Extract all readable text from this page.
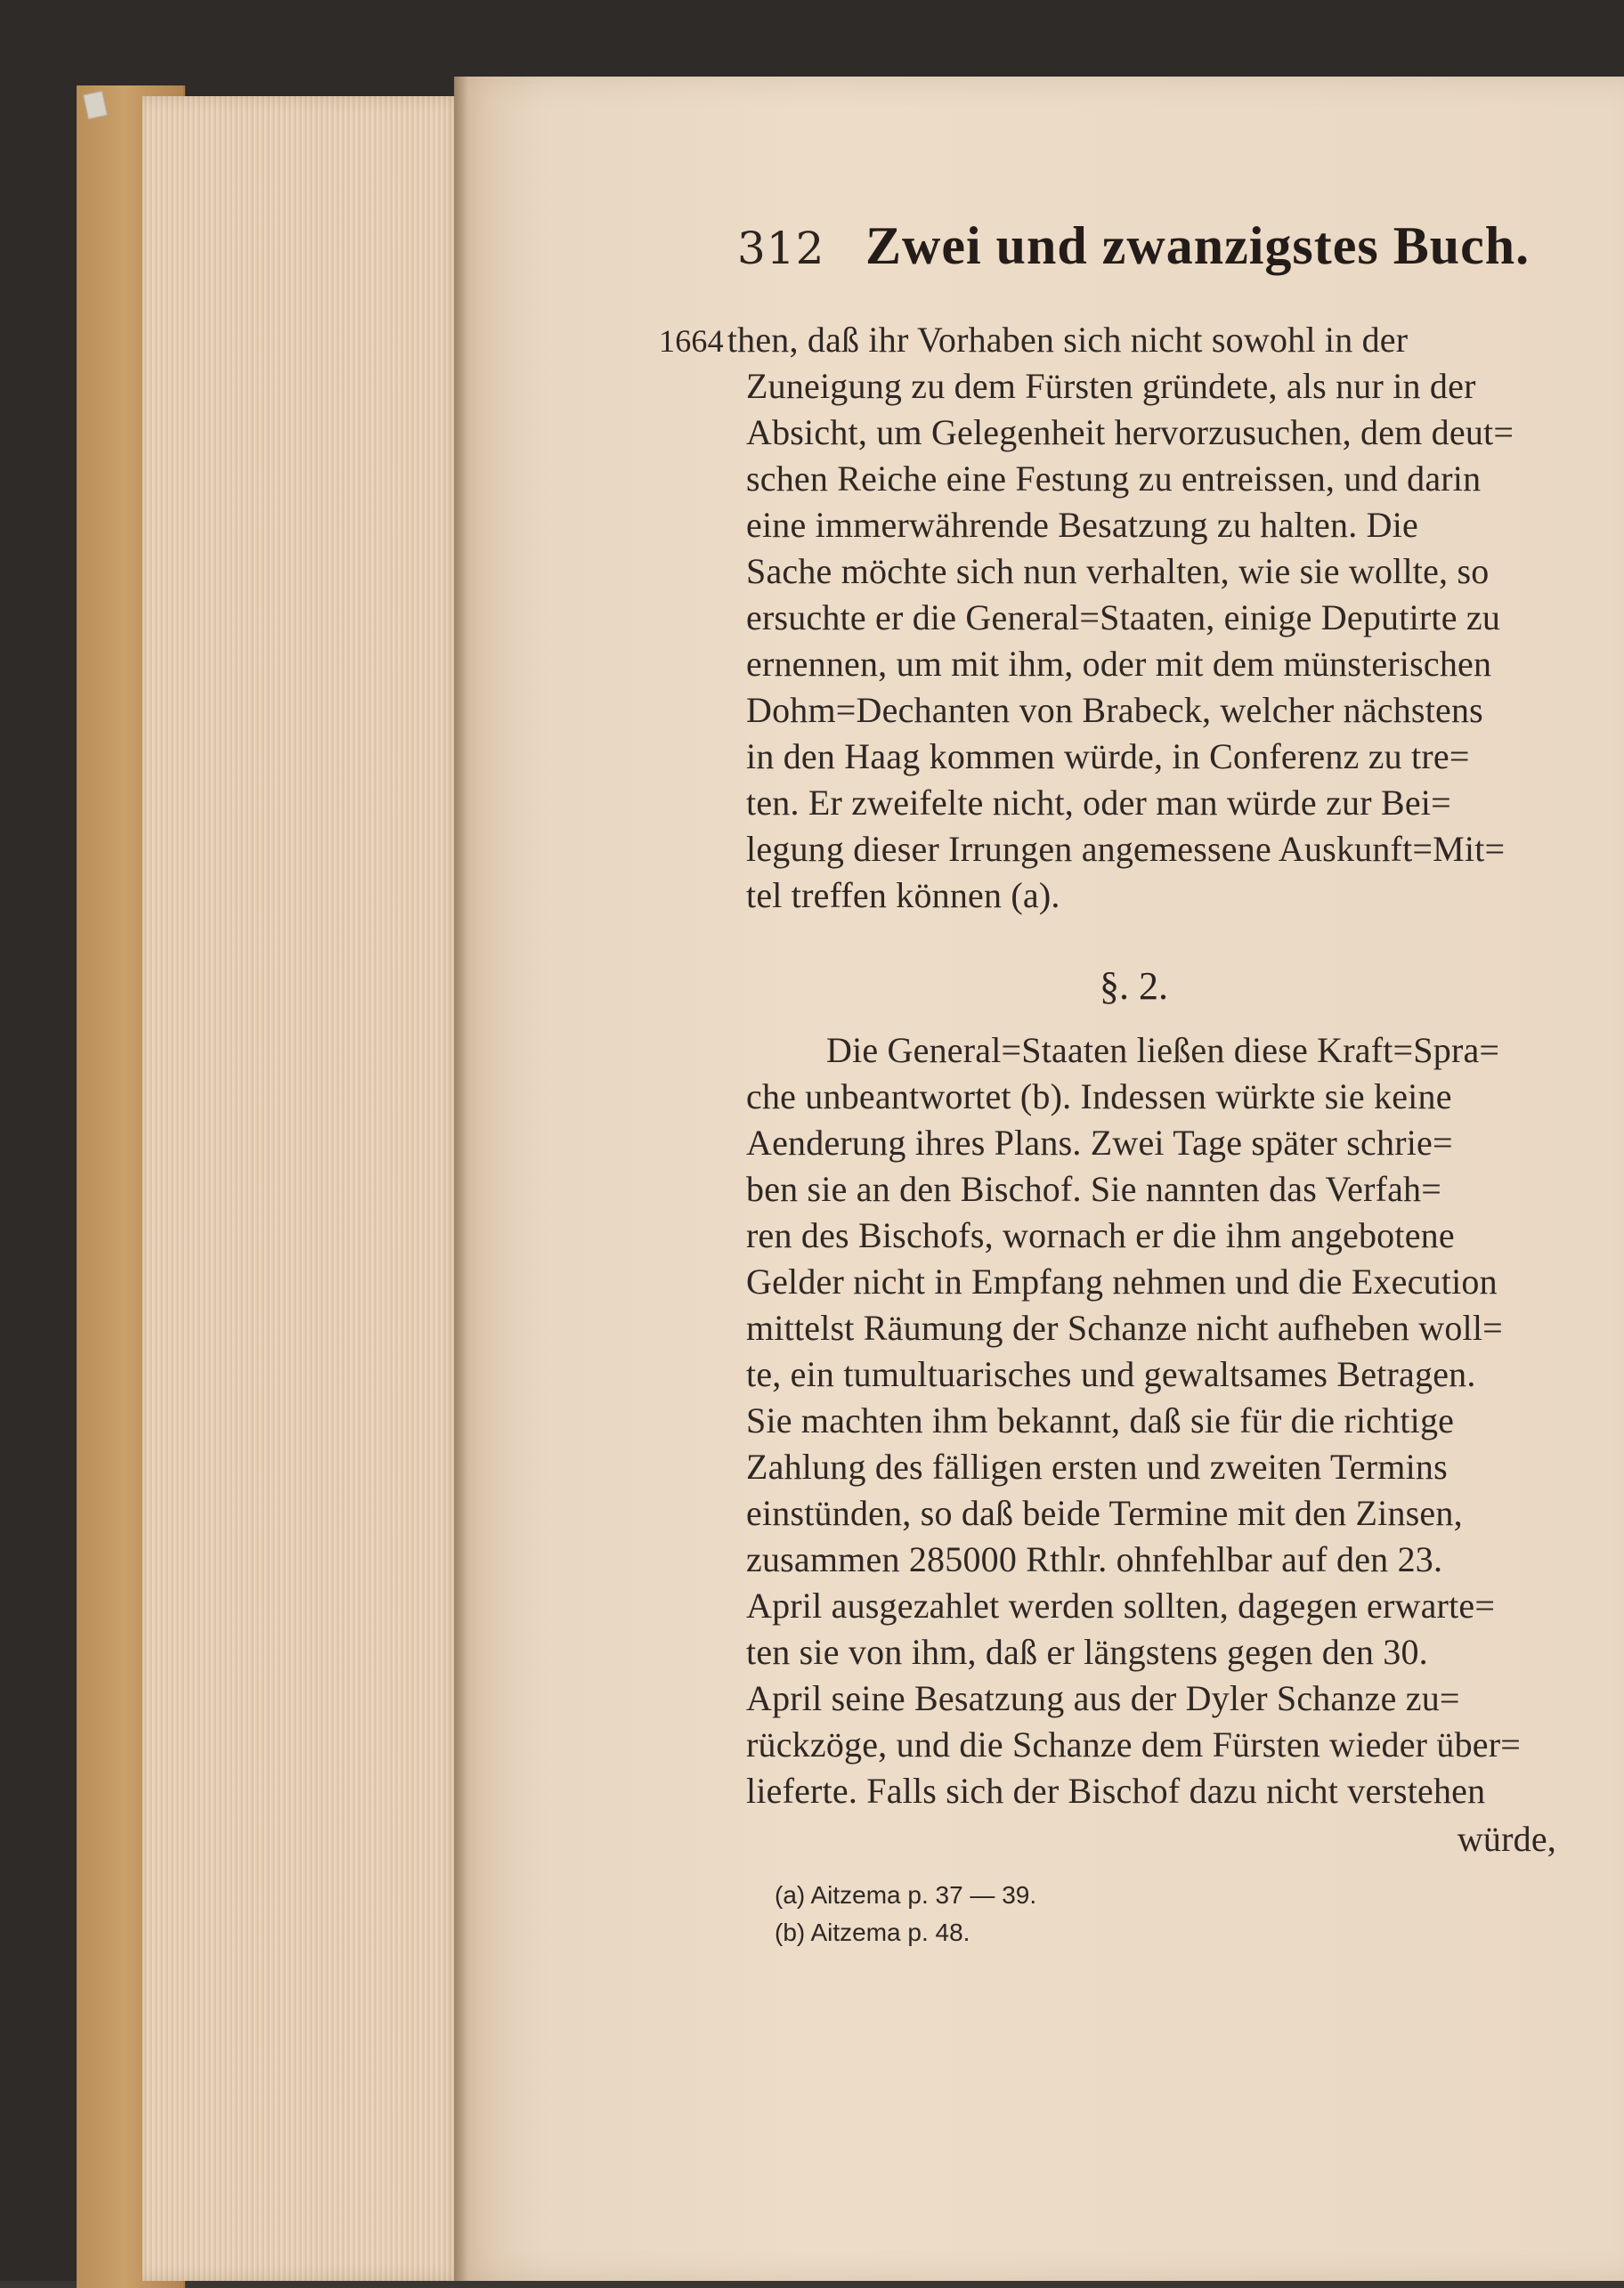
312 Zwei und zwanzigstes Buch.
1664 then, daß ihr Vorhaben sich nicht sowohl in der
Zuneigung zu dem Fürsten gründete, als nur in der
Absicht, um Gelegenheit hervorzusuchen, dem deut=
schen Reiche eine Festung zu entreissen, und darin
eine immerwährende Besatzung zu halten. Die
Sache möchte sich nun verhalten, wie sie wollte, so
ersuchte er die General=Staaten, einige Deputirte zu
ernennen, um mit ihm, oder mit dem münsterischen
Dohm=Dechanten von Brabeck, welcher nächstens
in den Haag kommen würde, in Conferenz zu tre=
ten. Er zweifelte nicht, oder man würde zur Bei=
legung dieser Irrungen angemessene Auskunft=Mit=
tel treffen können (a).
§. 2.
Die General=Staaten ließen diese Kraft=Spra=
che unbeantwortet (b). Indessen würkte sie keine
Aenderung ihres Plans. Zwei Tage später schrie=
ben sie an den Bischof. Sie nannten das Verfah=
ren des Bischofs, wornach er die ihm angebotene
Gelder nicht in Empfang nehmen und die Execution
mittelst Räumung der Schanze nicht aufheben woll=
te, ein tumultuarisches und gewaltsames Betragen.
Sie machten ihm bekannt, daß sie für die richtige
Zahlung des fälligen ersten und zweiten Termins
einstünden, so daß beide Termine mit den Zinsen,
zusammen 285000 Rthlr. ohnfehlbar auf den 23.
April ausgezahlet werden sollten, dagegen erwarte=
ten sie von ihm, daß er längstens gegen den 30.
April seine Besatzung aus der Dyler Schanze zu=
rückzöge, und die Schanze dem Fürsten wieder über=
lieferte. Falls sich der Bischof dazu nicht verstehen
würde,
(a) Aitzema p. 37 — 39.
(b) Aitzema p. 48.
